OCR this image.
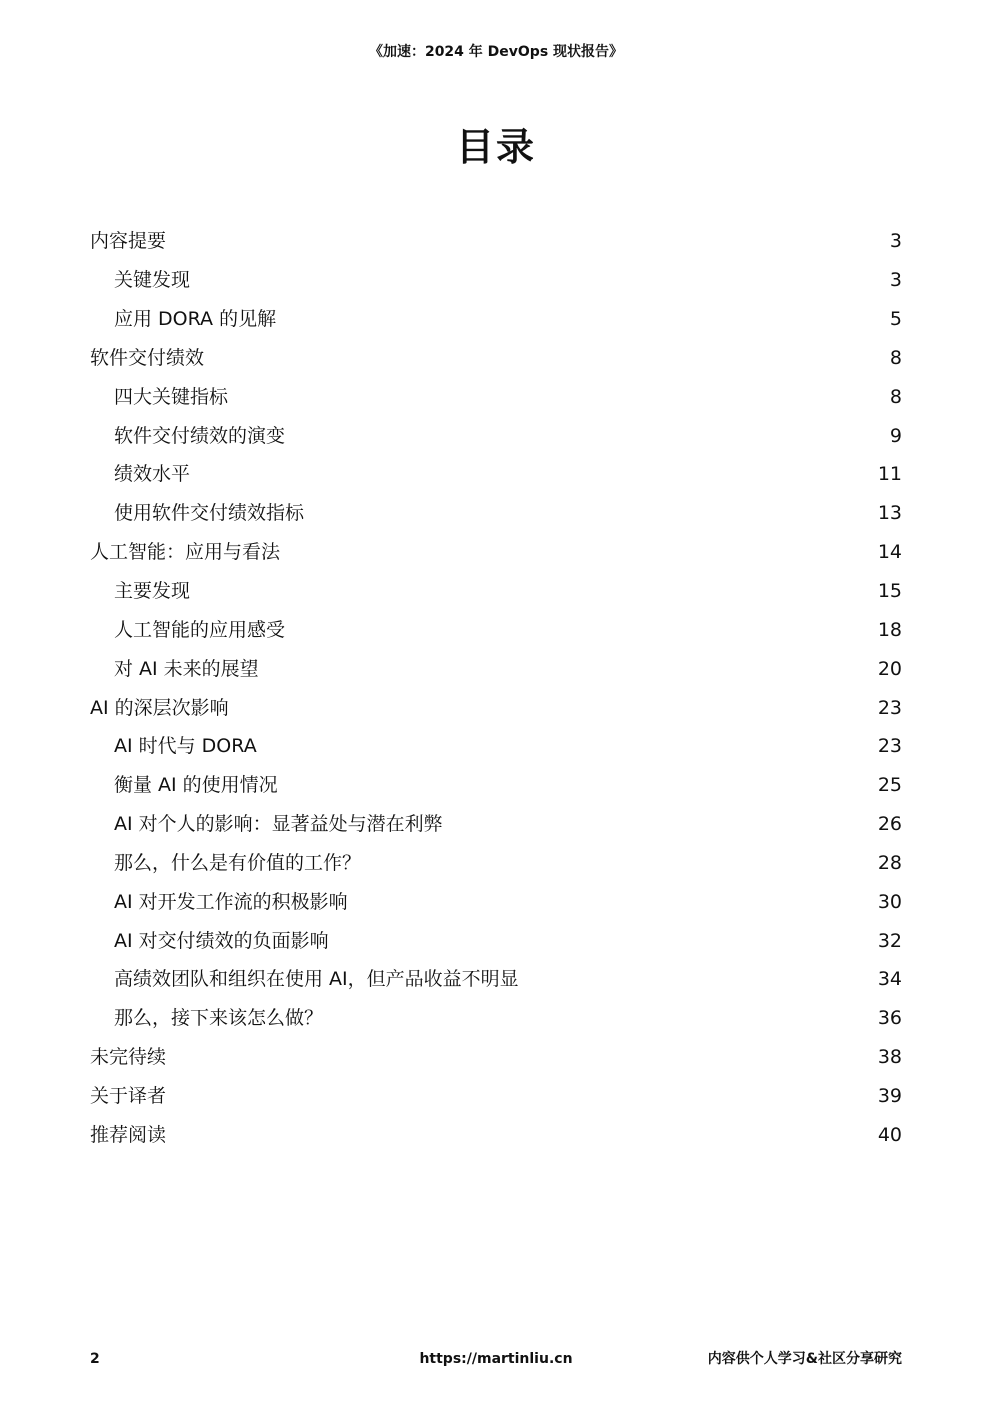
《加速：2024 年 DevOps 现状报告》
目录
内容提要	3
关键发现	3
应用 DORA 的见解	5
软件交付绩效	8
四大关键指标	8
软件交付绩效的演变	9
绩效水平	11
使用软件交付绩效指标	13
人工智能：应用与看法	14
主要发现	15
人工智能的应用感受	18
对 AI 未来的展望	20
AI 的深层次影响	23
AI 时代与 DORA	23
衡量 AI 的使用情况	25
AI 对个人的影响：显著益处与潜在利弊	26
那么，什么是有价值的工作？	28
AI 对开发工作流的积极影响	30
AI 对交付绩效的负面影响	32
高绩效团队和组织在使用 AI，但产品收益不明显	34
那么，接下来该怎么做？	36
未完待续	38
关于译者	39
推荐阅读	40
https://martinliu.cn
2	内容供个人学习&社区分享研究
